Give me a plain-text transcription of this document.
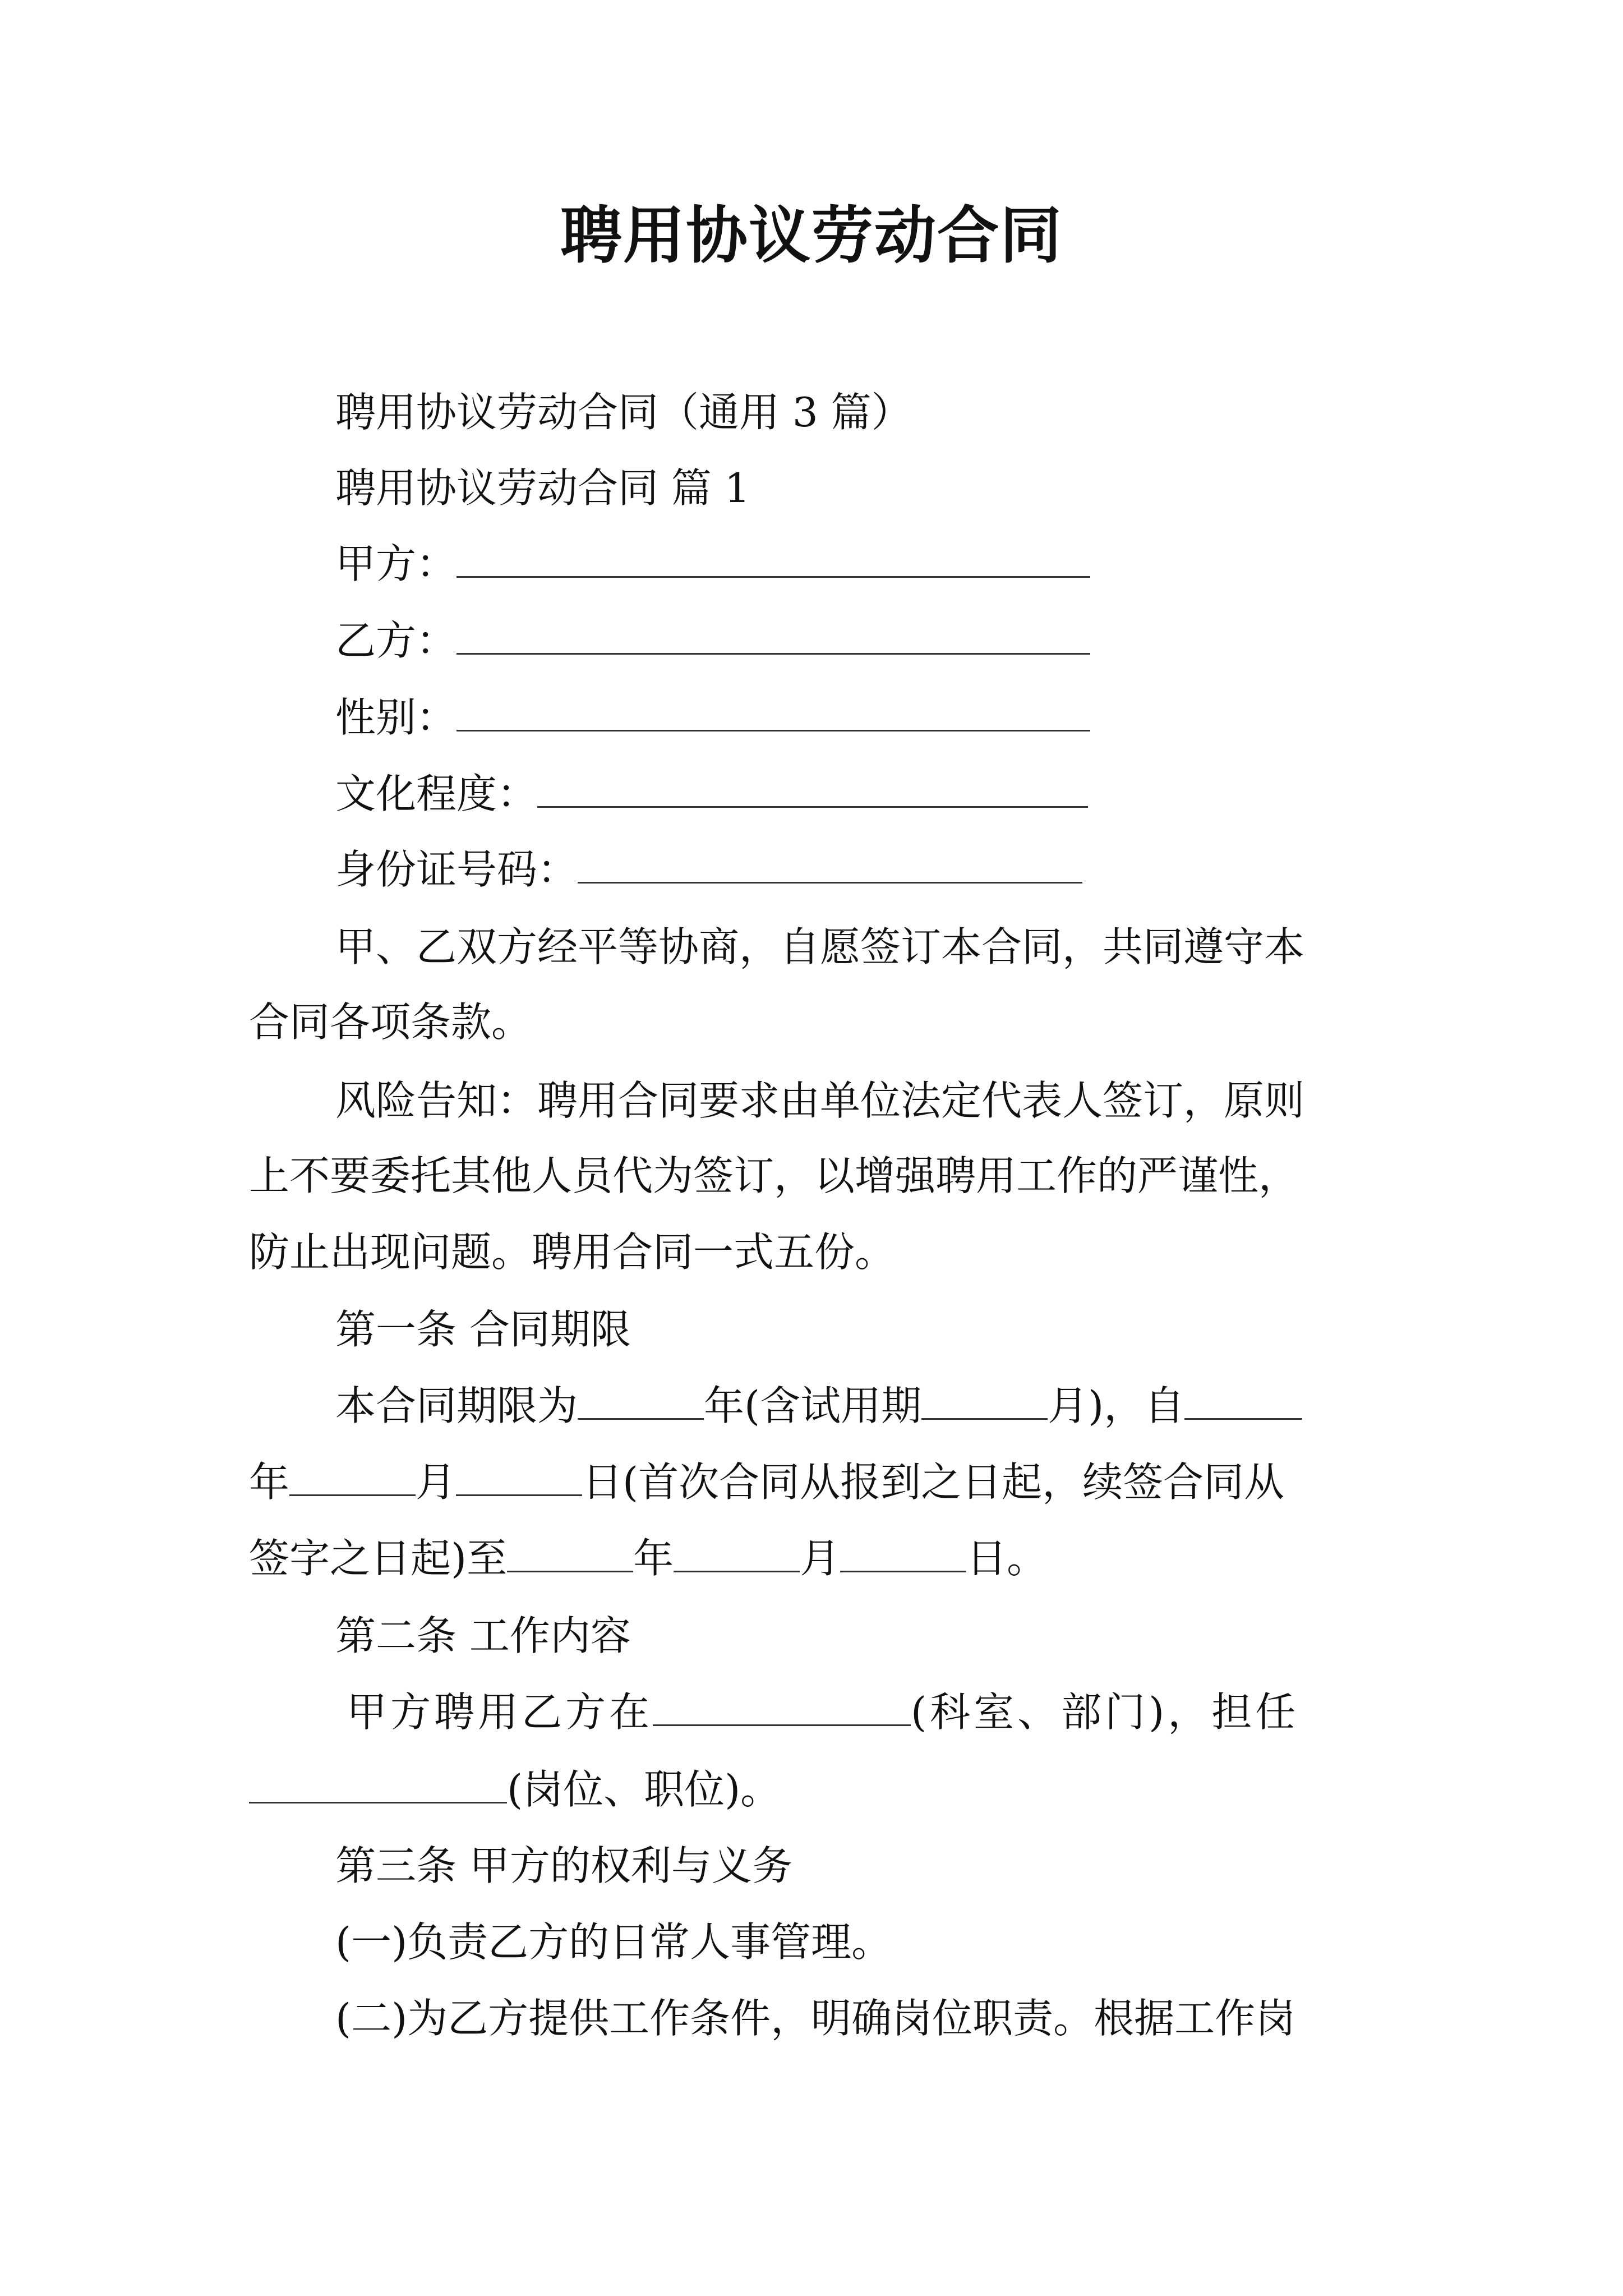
聘用协议劳动合同
聘用协议劳动合同（通用 3 篇）
聘用协议劳动合同 篇 1
甲方：
乙方：
性别：
文化程度：
身份证号码：
甲、乙双方经平等协商，自愿签订本合同，共同遵守本
合同各项条款。
风险告知：聘用合同要求由单位法定代表人签订，原则
上不要委托其他人员代为签订，以增强聘用工作的严谨性，
防止出现问题。聘用合同一式五份。
第一条 合同期限
本合同期限为	年(含试用期	月)，自
年	月	日(首次合同从报到之日起，续签合同从
签字之日起)至	年	月	日。
第二条 工作内容
甲方聘用乙方在	(科室、部门)，担任
(岗位、职位)。
第三条 甲方的权利与义务
(一)负责乙方的日常人事管理。
(二)为乙方提供工作条件，明确岗位职责。根据工作岗
